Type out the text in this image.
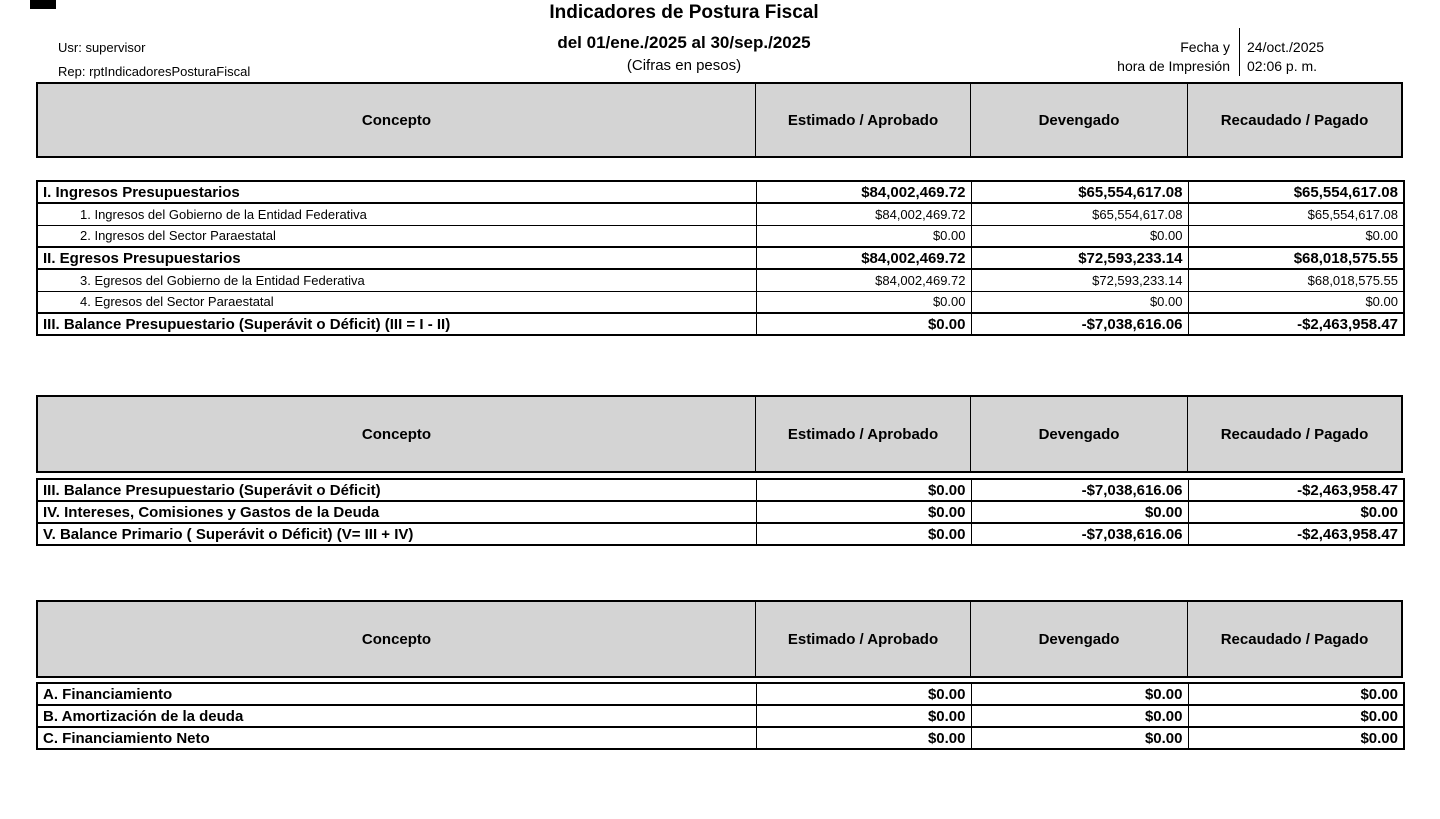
Indicadores de Postura Fiscal
del 01/ene./2025 al 30/sep./2025
(Cifras en pesos)
Usr: supervisor
Rep: rptIndicadoresPosturaFiscal
Fecha y
hora de Impresión
24/oct./2025
02:06 p. m.
Concepto	Estimado / Aprobado	Devengado	Recaudado / Pagado
I. Ingresos Presupuestarios	$84,002,469.72	$65,554,617.08	$65,554,617.08
1. Ingresos del Gobierno de la Entidad Federativa	$84,002,469.72	$65,554,617.08	$65,554,617.08
2. Ingresos del Sector Paraestatal	$0.00	$0.00	$0.00
II. Egresos Presupuestarios	$84,002,469.72	$72,593,233.14	$68,018,575.55
3. Egresos del Gobierno de la Entidad Federativa	$84,002,469.72	$72,593,233.14	$68,018,575.55
4. Egresos del Sector Paraestatal	$0.00	$0.00	$0.00
III. Balance Presupuestario (Superávit o Déficit) (III = I - II)	$0.00	-$7,038,616.06	-$2,463,958.47
Concepto	Estimado / Aprobado	Devengado	Recaudado / Pagado
III. Balance Presupuestario (Superávit o Déficit)	$0.00	-$7,038,616.06	-$2,463,958.47
IV. Intereses, Comisiones y Gastos de la Deuda	$0.00	$0.00	$0.00
V. Balance Primario ( Superávit o Déficit) (V= III + IV)	$0.00	-$7,038,616.06	-$2,463,958.47
Concepto	Estimado / Aprobado	Devengado	Recaudado / Pagado
A. Financiamiento	$0.00	$0.00	$0.00
B. Amortización de la deuda	$0.00	$0.00	$0.00
C. Financiamiento Neto	$0.00	$0.00	$0.00
